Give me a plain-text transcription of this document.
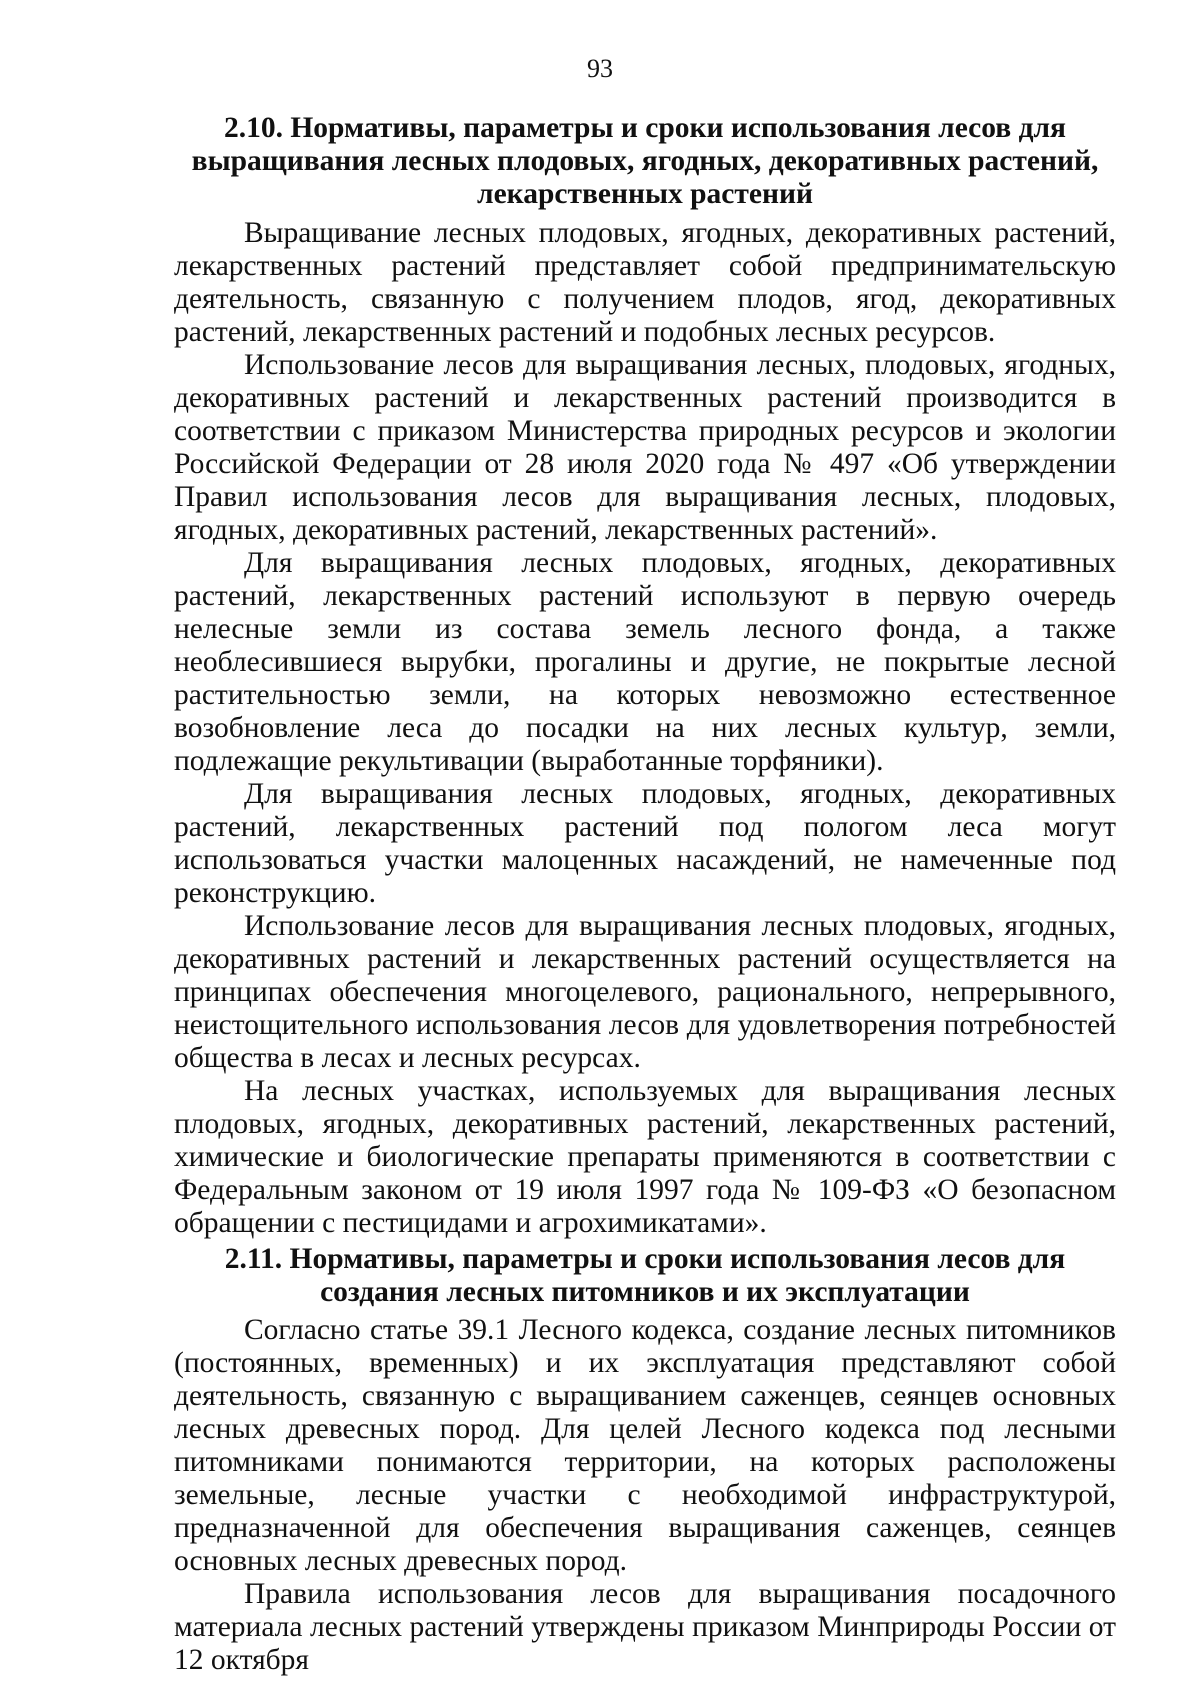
93
2.10. Нормативы, параметры и сроки использования лесов для выращивания лесных плодовых, ягодных, декоративных растений, лекарственных растений

Выращивание лесных плодовых, ягодных, декоративных растений, лекарственных растений представляет собой предпринимательскую деятельность, связанную с получением плодов, ягод, декоративных растений, лекарственных растений и подобных лесных ресурсов.

Использование лесов для выращивания лесных, плодовых, ягодных, декоративных растений и лекарственных растений производится в соответствии с приказом Министерства природных ресурсов и экологии Российской Федерации от 28 июля 2020 года № 497 «Об утверждении Правил использования лесов для выращивания лесных, плодовых, ягодных, декоративных растений, лекарственных растений».

Для выращивания лесных плодовых, ягодных, декоративных растений, лекарственных растений используют в первую очередь нелесные земли из состава земель лесного фонда, а также необлесившиеся вырубки, прогалины и другие, не покрытые лесной растительностью земли, на которых невозможно естественное возобновление леса до посадки на них лесных культур, земли, подлежащие рекультивации (выработанные торфяники).

Для выращивания лесных плодовых, ягодных, декоративных растений, лекарственных растений под пологом леса могут использоваться участки малоценных насаждений, не намеченные под реконструкцию.

Использование лесов для выращивания лесных плодовых, ягодных, декоративных растений и лекарственных растений осуществляется на принципах обеспечения многоцелевого, рационального, непрерывного, неистощительного использования лесов для удовлетворения потребностей общества в лесах и лесных ресурсах.

На лесных участках, используемых для выращивания лесных плодовых, ягодных, декоративных растений, лекарственных растений, химические и биологические препараты применяются в соответствии с Федеральным законом от 19 июля 1997 года № 109-ФЗ «О безопасном обращении с пестицидами и агрохимикатами».

2.11. Нормативы, параметры и сроки использования лесов для создания лесных питомников и их эксплуатации

Согласно статье 39.1 Лесного кодекса, создание лесных питомников (постоянных, временных) и их эксплуатация представляют собой деятельность, связанную с выращиванием саженцев, сеянцев основных лесных древесных пород. Для целей Лесного кодекса под лесными питомниками понимаются территории, на которых расположены земельные, лесные участки с необходимой инфраструктурой, предназначенной для обеспечения выращивания саженцев, сеянцев основных лесных древесных пород.

Правила использования лесов для выращивания посадочного материала лесных растений утверждены приказом Минприроды России от 12 октября
